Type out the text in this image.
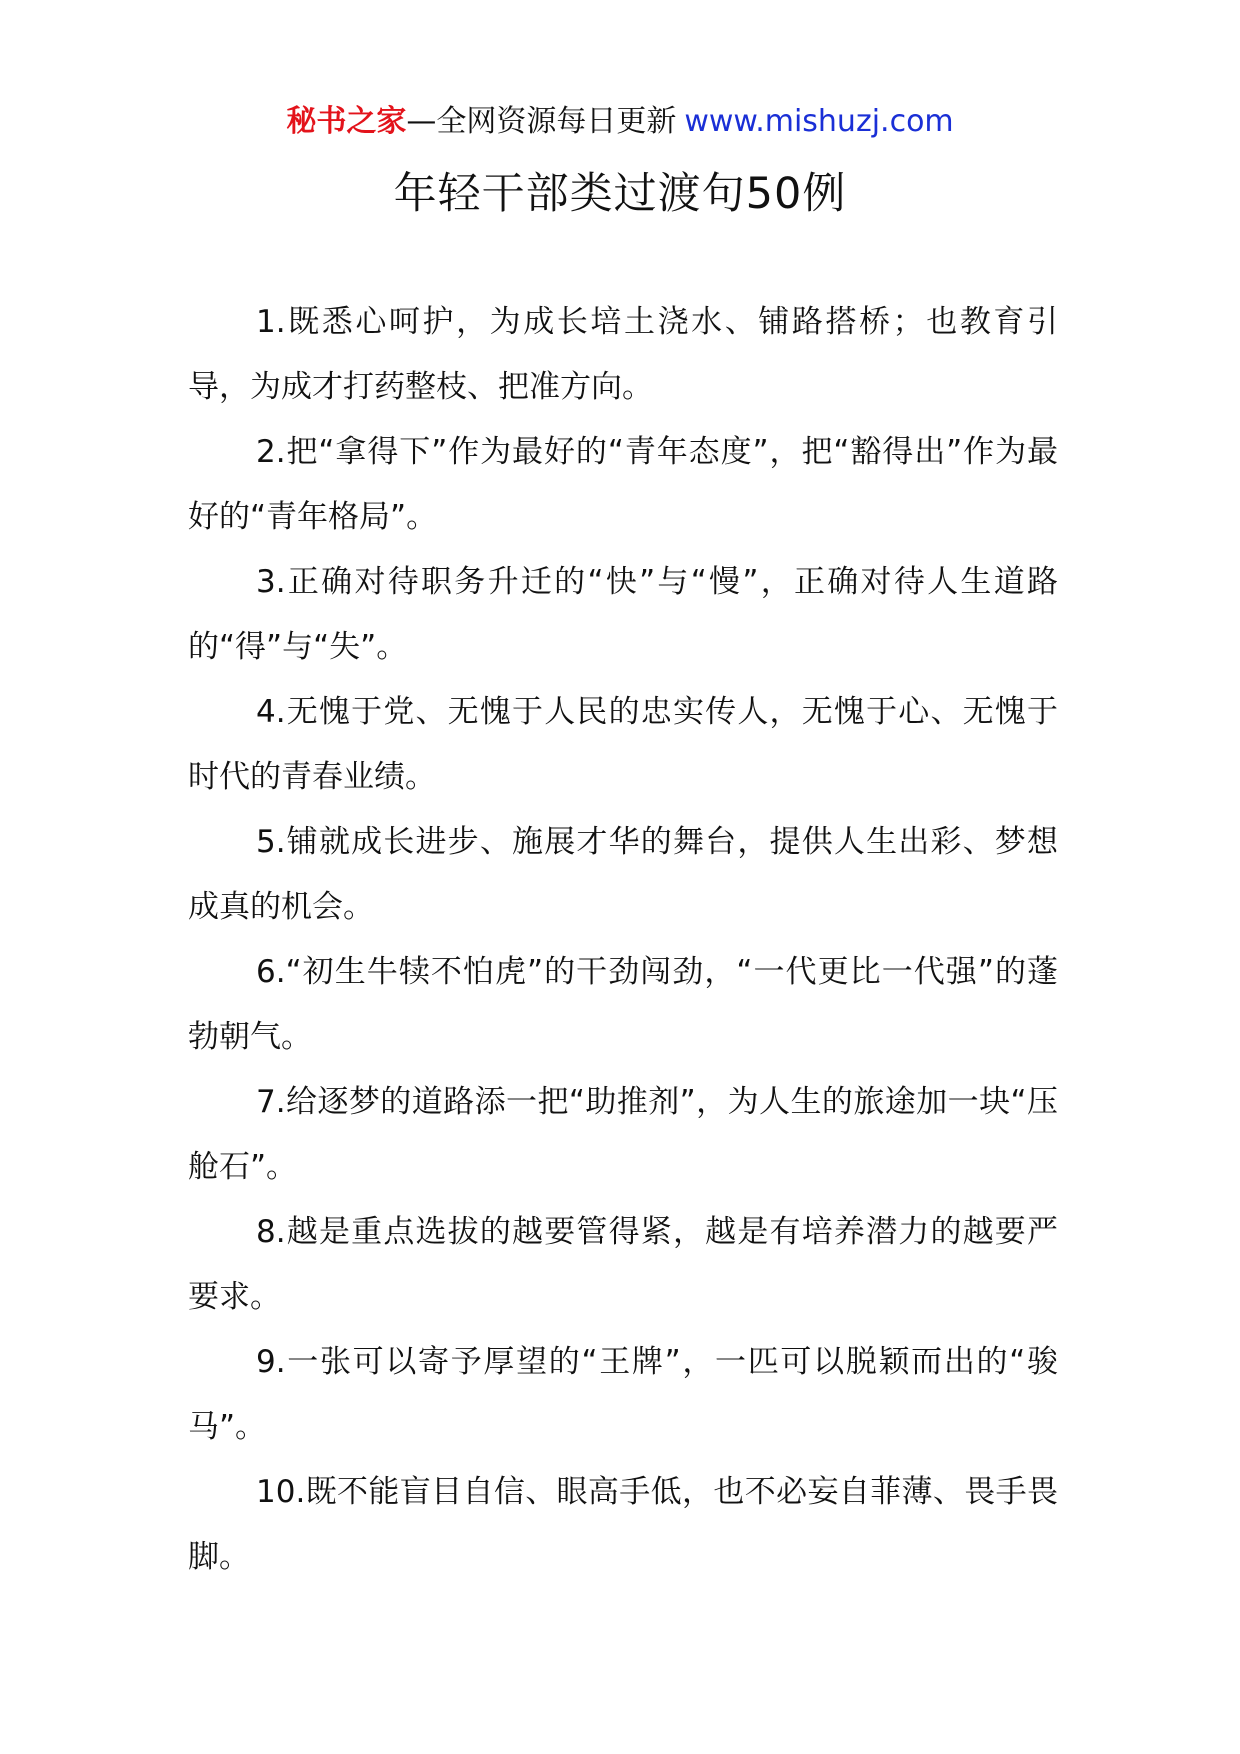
秘书之家—全网资源每日更新 www.mishuzj.com
年轻干部类过渡句50例

1.既悉心呵护，为成长培土浇水、铺路搭桥；也教育引导，为成才打药整枝、把准方向。

2.把“拿得下”作为最好的“青年态度”，把“豁得出”作为最好的“青年格局”。

3.正确对待职务升迁的“快”与“慢”，正确对待人生道路的“得”与“失”。

4.无愧于党、无愧于人民的忠实传人，无愧于心、无愧于时代的青春业绩。

5.铺就成长进步、施展才华的舞台，提供人生出彩、梦想成真的机会。

6.“初生牛犊不怕虎”的干劲闯劲，“一代更比一代强”的蓬勃朝气。

7.给逐梦的道路添一把“助推剂”，为人生的旅途加一块“压舱石”。

8.越是重点选拔的越要管得紧，越是有培养潜力的越要严要求。

9.一张可以寄予厚望的“王牌”，一匹可以脱颖而出的“骏马”。

10.既不能盲目自信、眼高手低，也不必妄自菲薄、畏手畏脚。
